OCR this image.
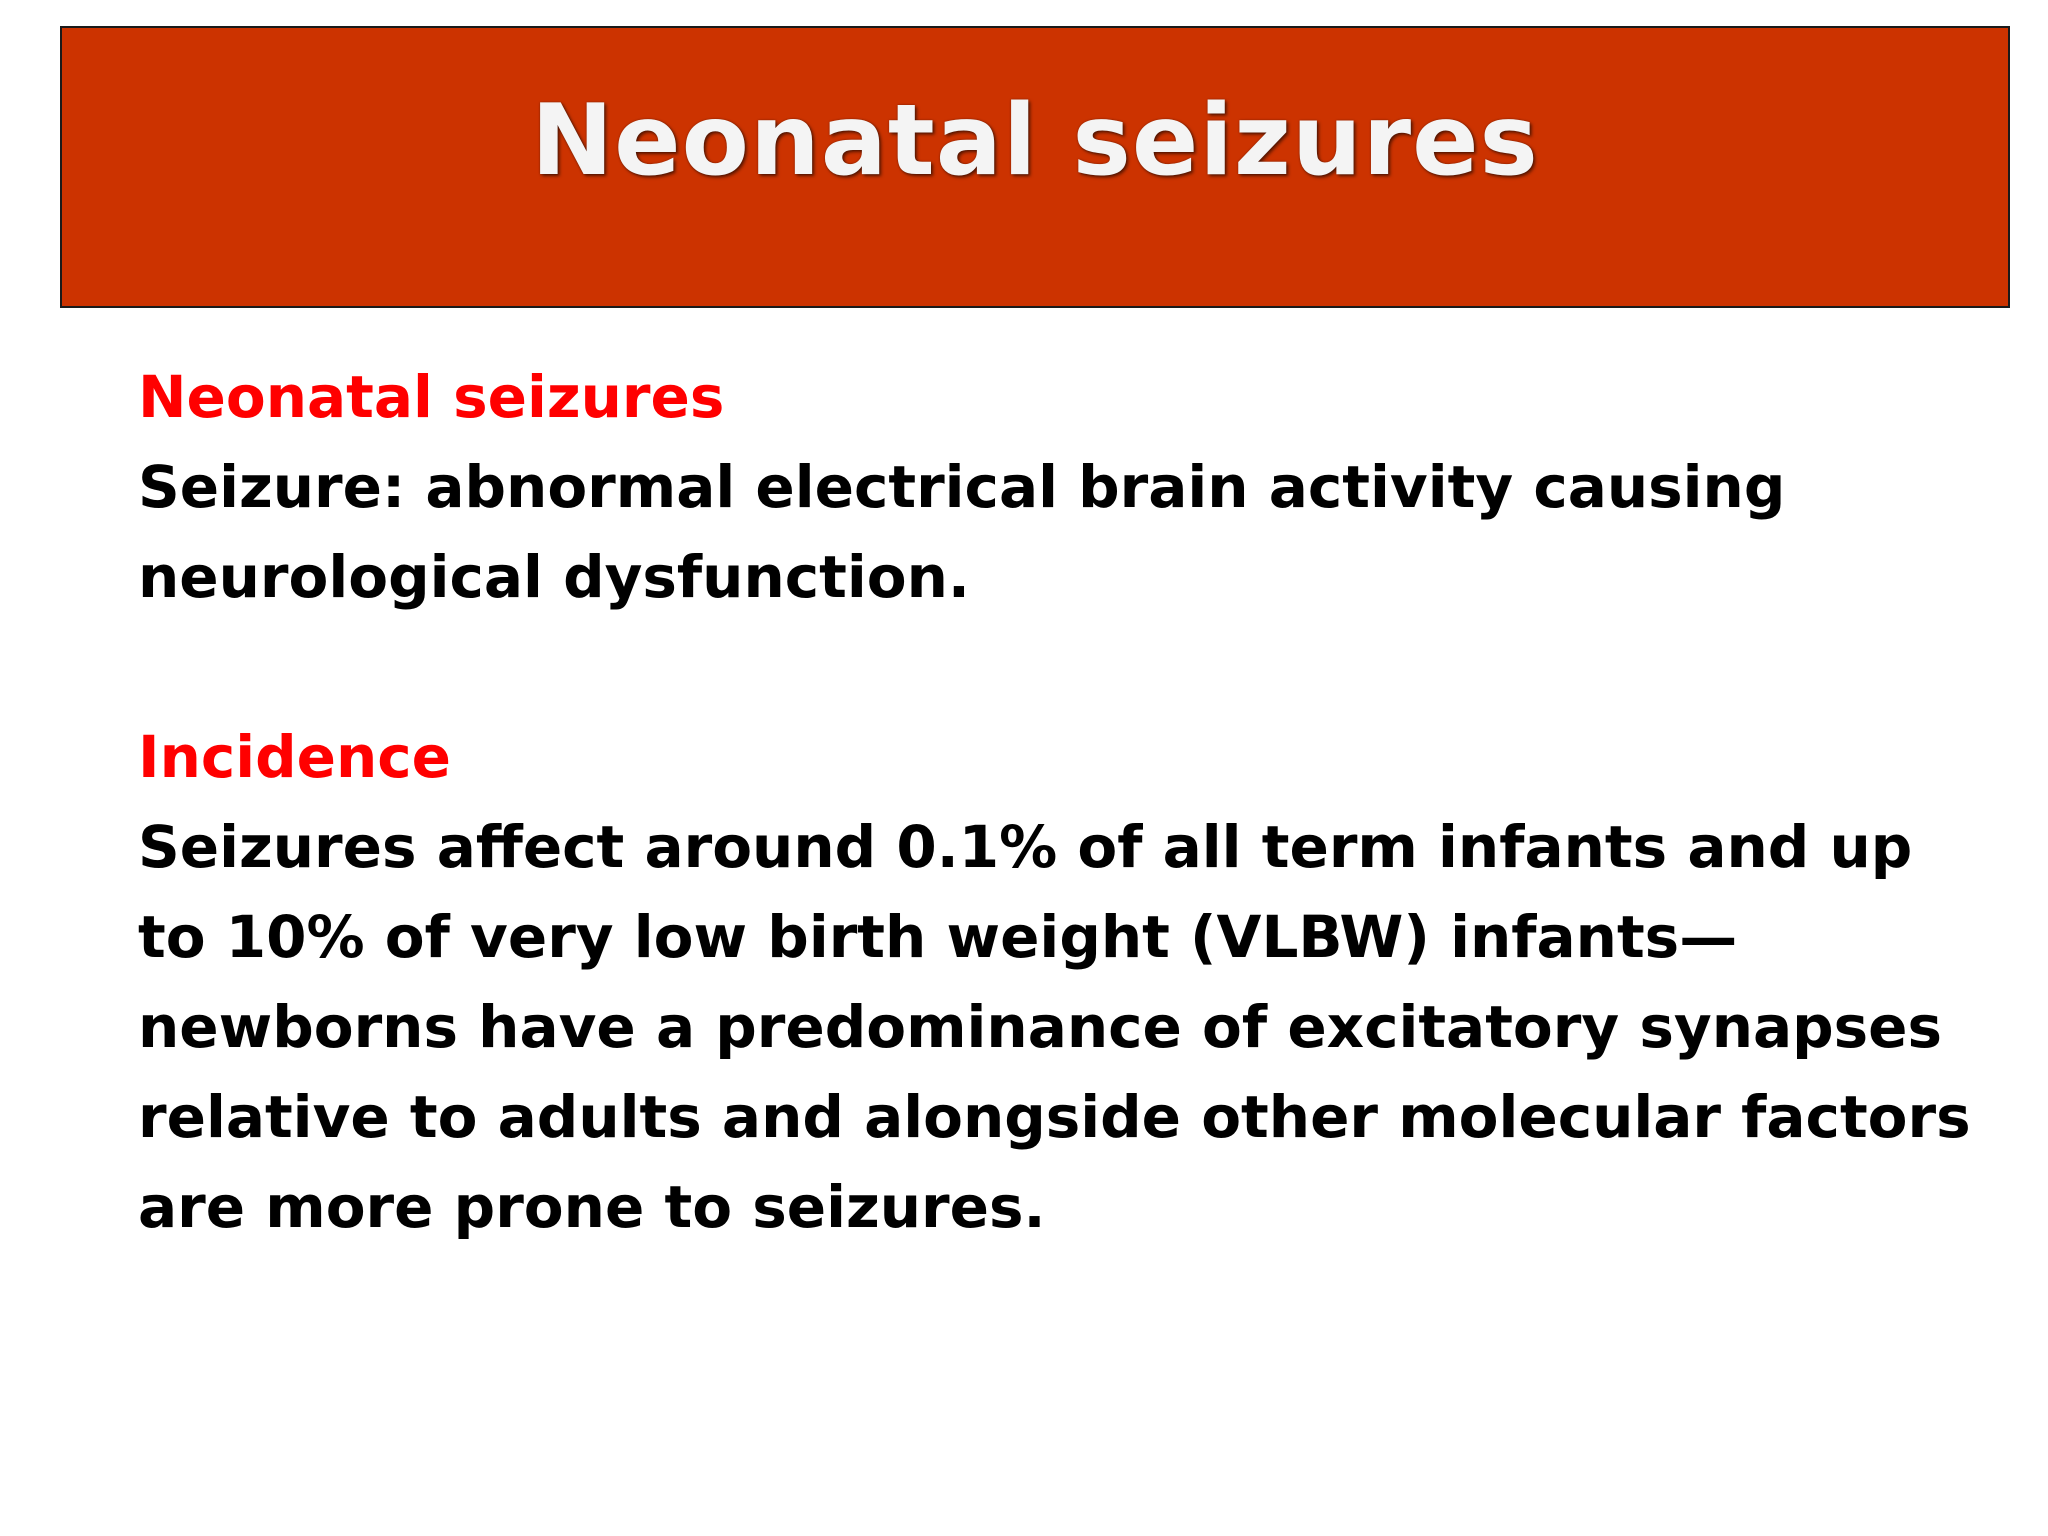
Neonatal seizures
Neonatal seizures
Seizure: abnormal electrical brain activity causing
neurological dysfunction.
Incidence
Seizures affect around 0.1% of all term infants and up
to 10% of very low birth weight (VLBW) infants—
newborns have a predominance of excitatory synapses
relative to adults and alongside other molecular factors
are more prone to seizures.
